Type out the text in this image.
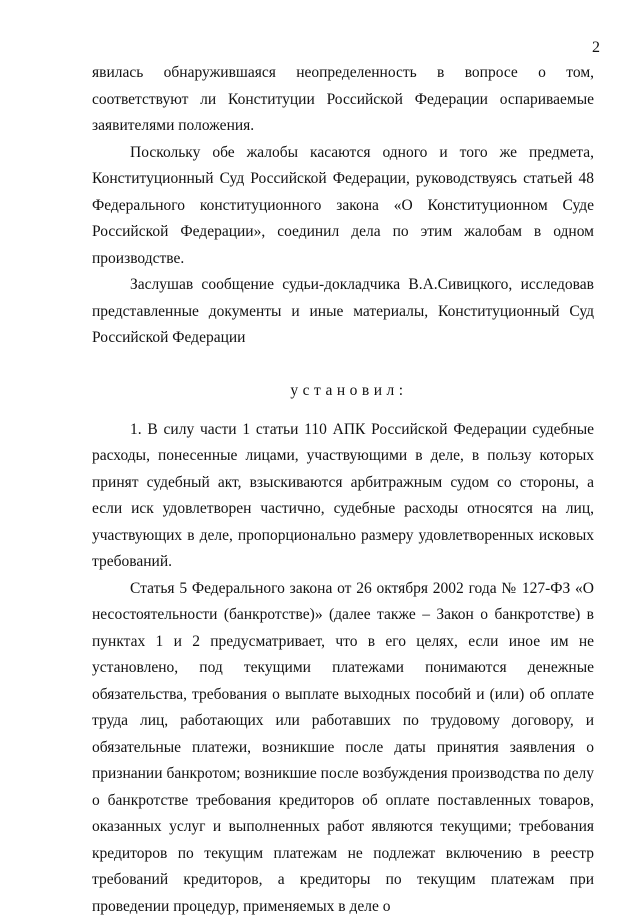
2

явилась обнаружившаяся неопределенность в вопросе о том, соответствуют ли Конституции Российской Федерации оспариваемые заявителями положения.

Поскольку обе жалобы касаются одного и того же предмета, Конституционный Суд Российской Федерации, руководствуясь статьей 48 Федерального конституционного закона «О Конституционном Суде Российской Федерации», соединил дела по этим жалобам в одном производстве.

Заслушав сообщение судьи-докладчика В.А.Сивицкого, исследовав представленные документы и иные материалы, Конституционный Суд Российской Федерации

установил:

1. В силу части 1 статьи 110 АПК Российской Федерации судебные расходы, понесенные лицами, участвующими в деле, в пользу которых принят судебный акт, взыскиваются арбитражным судом со стороны, а если иск удовлетворен частично, судебные расходы относятся на лиц, участвующих в деле, пропорционально размеру удовлетворенных исковых требований.

Статья 5 Федерального закона от 26 октября 2002 года № 127-ФЗ «О несостоятельности (банкротстве)» (далее также – Закон о банкротстве) в пунктах 1 и 2 предусматривает, что в его целях, если иное им не установлено, под текущими платежами понимаются денежные обязательства, требования о выплате выходных пособий и (или) об оплате труда лиц, работающих или работавших по трудовому договору, и обязательные платежи, возникшие после даты принятия заявления о признании банкротом; возникшие после возбуждения производства по делу о банкротстве требования кредиторов об оплате поставленных товаров, оказанных услуг и выполненных работ являются текущими; требования кредиторов по текущим платежам не подлежат включению в реестр требований кредиторов, а кредиторы по текущим платежам при проведении процедур, применяемых в деле о
